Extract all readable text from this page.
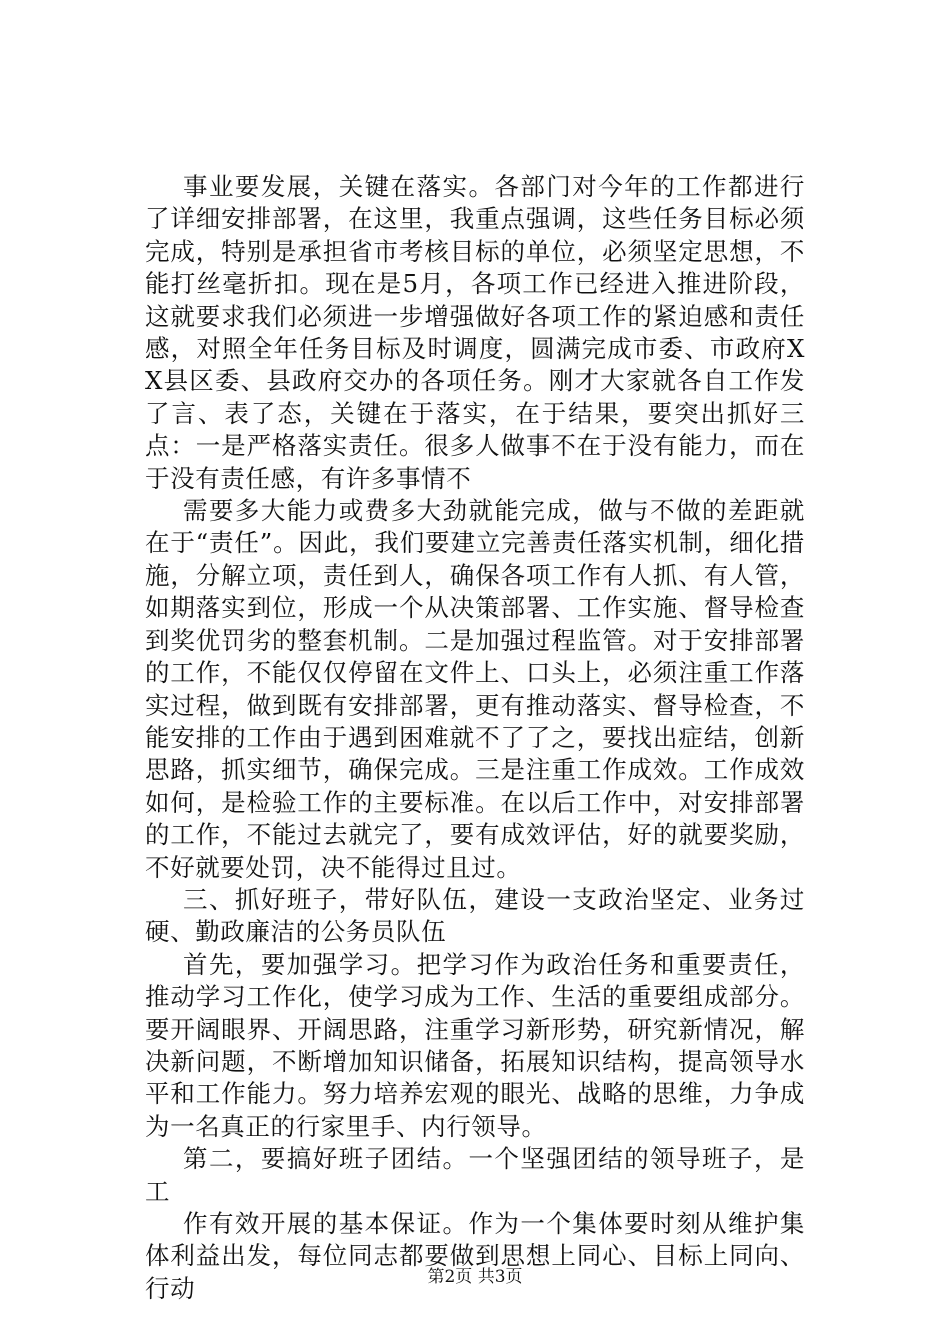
事业要发展，关键在落实。各部门对今年的工作都进行了详细安排部署，在这里，我重点强调，这些任务目标必须完成，特别是承担省市考核目标的单位，必须坚定思想，不能打丝毫折扣。现在是5月，各项工作已经进入推进阶段，这就要求我们必须进一步增强做好各项工作的紧迫感和责任感，对照全年任务目标及时调度，圆满完成市委、市政府XX县区委、县政府交办的各项任务。刚才大家就各自工作发了言、表了态，关键在于落实，在于结果，要突出抓好三点：一是严格落实责任。很多人做事不在于没有能力，而在于没有责任感，有许多事情不

需要多大能力或费多大劲就能完成，做与不做的差距就在于“责任”。因此，我们要建立完善责任落实机制，细化措施，分解立项，责任到人，确保各项工作有人抓、有人管，如期落实到位，形成一个从决策部署、工作实施、督导检查到奖优罚劣的整套机制。二是加强过程监管。对于安排部署的工作，不能仅仅停留在文件上、口头上，必须注重工作落实过程，做到既有安排部署，更有推动落实、督导检查，不能安排的工作由于遇到困难就不了了之，要找出症结，创新思路，抓实细节，确保完成。三是注重工作成效。工作成效如何，是检验工作的主要标准。在以后工作中，对安排部署的工作，不能过去就完了，要有成效评估，好的就要奖励，不好就要处罚，决不能得过且过。

三、抓好班子，带好队伍，建设一支政治坚定、业务过硬、勤政廉洁的公务员队伍

首先，要加强学习。把学习作为政治任务和重要责任，推动学习工作化，使学习成为工作、生活的重要组成部分。要开阔眼界、开阔思路，注重学习新形势，研究新情况，解决新问题，不断增加知识储备，拓展知识结构，提高领导水平和工作能力。努力培养宏观的眼光、战略的思维，力争成为一名真正的行家里手、内行领导。

第二，要搞好班子团结。一个坚强团结的领导班子，是工

作有效开展的基本保证。作为一个集体要时刻从维护集体利益出发，每位同志都要做到思想上同心、目标上同向、行动	第2页 共3页
